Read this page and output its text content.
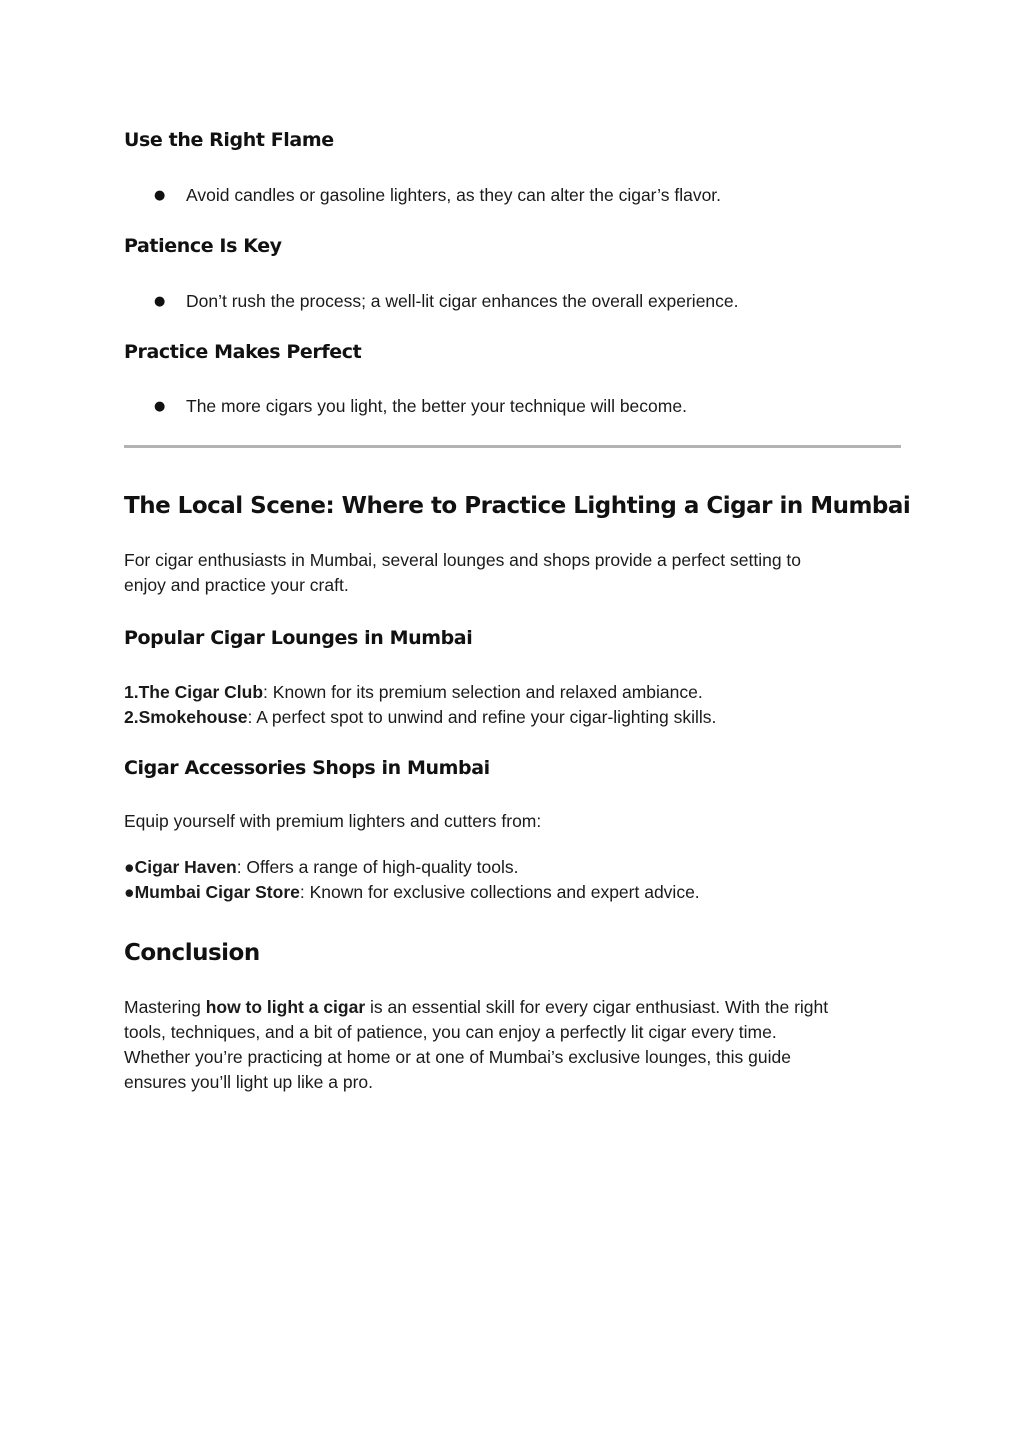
Use the Right Flame
● Avoid candles or gasoline lighters, as they can alter the cigar’s flavor.
Patience Is Key
● Don’t rush the process; a well-lit cigar enhances the overall experience.
Practice Makes Perfect
● The more cigars you light, the better your technique will become.
The Local Scene: Where to Practice Lighting a Cigar in Mumbai
For cigar enthusiasts in Mumbai, several lounges and shops provide a perfect setting to
enjoy and practice your craft.
Popular Cigar Lounges in Mumbai
1.The Cigar Club: Known for its premium selection and relaxed ambiance.
2.Smokehouse: A perfect spot to unwind and refine your cigar-lighting skills.
Cigar Accessories Shops in Mumbai
Equip yourself with premium lighters and cutters from:
●Cigar Haven: Offers a range of high-quality tools.
●Mumbai Cigar Store: Known for exclusive collections and expert advice.
Conclusion
Mastering how to light a cigar is an essential skill for every cigar enthusiast. With the right
tools, techniques, and a bit of patience, you can enjoy a perfectly lit cigar every time.
Whether you’re practicing at home or at one of Mumbai’s exclusive lounges, this guide
ensures you’ll light up like a pro.
